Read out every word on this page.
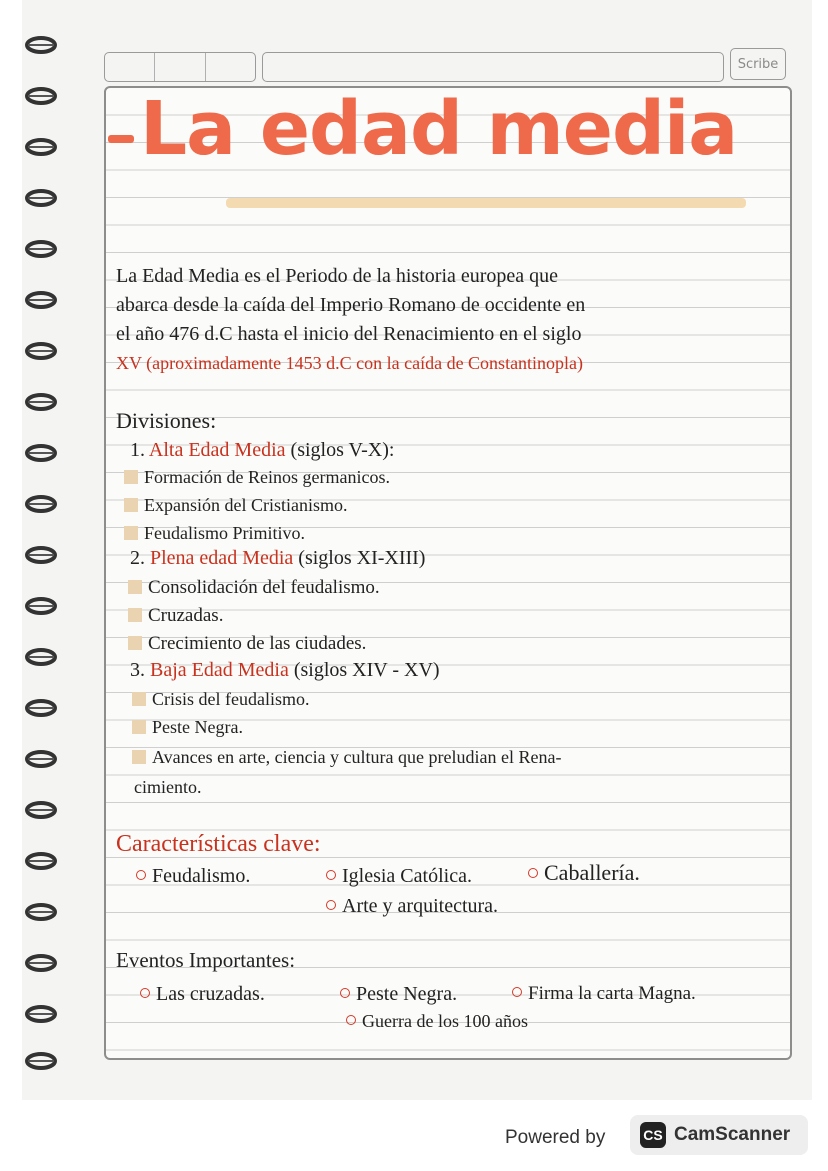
Scribe
La edad media
La Edad Media es el Periodo de la historia europea que
abarca desde la caída del Imperio Romano de occidente en
el año 476 d.C hasta el inicio del Renacimiento en el siglo
XV (aproximadamente 1453 d.C con la caída de Constantinopla)
Divisiones:
1. Alta Edad Media (siglos V-X):
Formación de Reinos germanicos.
Expansión del Cristianismo.
Feudalismo Primitivo.
2. Plena edad Media (siglos XI-XIII)
Consolidación del feudalismo.
Cruzadas.
Crecimiento de las ciudades.
3. Baja Edad Media (siglos XIV - XV)
Crisis del feudalismo.
Peste Negra.
Avances en arte, ciencia y cultura que preludian el Rena-
cimiento.
Características clave:
Feudalismo.	Iglesia Católica.	Caballería.
Arte y arquitectura.
Eventos Importantes:
Las cruzadas.	Peste Negra.	Firma la carta Magna.
Guerra de los 100 años
Powered by	CS CamScanner
